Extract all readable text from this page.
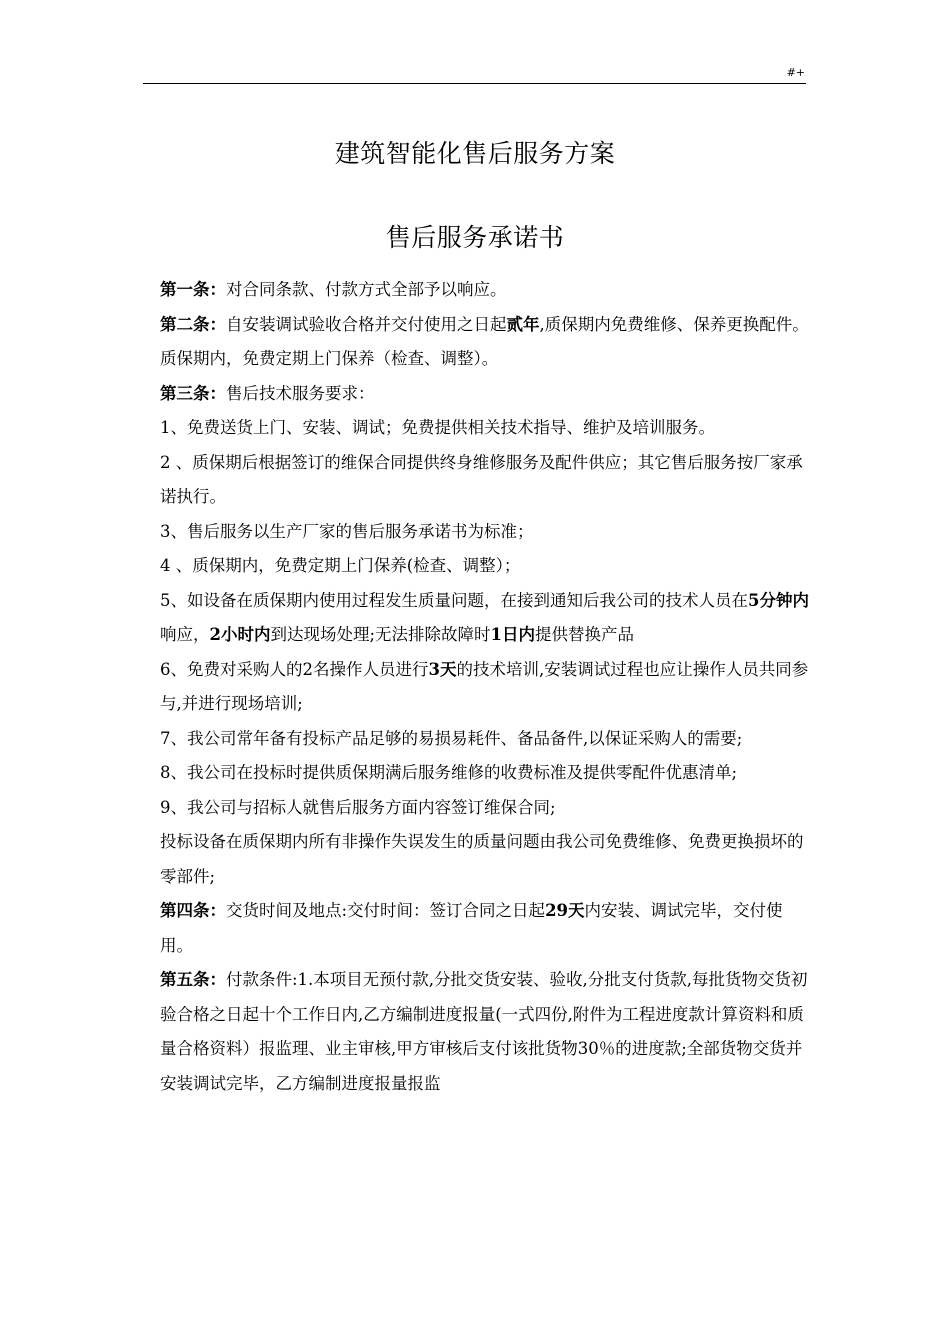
#+
建筑智能化售后服务方案
售后服务承诺书

第一条：对合同条款、付款方式全部予以响应。

第二条：自安装调试验收合格并交付使用之日起贰年,质保期内免费维修、保养更换配件。质保期内，免费定期上门保养（检查、调整）。

第三条：售后技术服务要求：

1、免费送货上门、安装、调试；免费提供相关技术指导、维护及培训服务。

2 、质保期后根据签订的维保合同提供终身维修服务及配件供应；其它售后服务按厂家承诺执行。

3、售后服务以生产厂家的售后服务承诺书为标准；

4 、质保期内，免费定期上门保养(检查、调整）；

5、如设备在质保期内使用过程发生质量问题，在接到通知后我公司的技术人员在5分钟内响应，2小时内到达现场处理;无法排除故障时1日内提供替换产品

6、免费对采购人的2名操作人员进行3天的技术培训,安装调试过程也应让操作人员共同参与,并进行现场培训;

7、我公司常年备有投标产品足够的易损易耗件、备品备件,以保证采购人的需要;

8、我公司在投标时提供质保期满后服务维修的收费标准及提供零配件优惠清单;

9、我公司与招标人就售后服务方面内容签订维保合同;

投标设备在质保期内所有非操作失误发生的质量问题由我公司免费维修、免费更换损坏的零部件;

第四条：交货时间及地点:交付时间：签订合同之日起29天内安装、调试完毕，交付使用。

第五条：付款条件:1.本项目无预付款,分批交货安装、验收,分批支付货款,每批货物交货初验合格之日起十个工作日内,乙方编制进度报量(一式四份,附件为工程进度款计算资料和质量合格资料）报监理、业主审核,甲方审核后支付该批货物30％的进度款;全部货物交货并安装调试完毕，乙方编制进度报量报监
